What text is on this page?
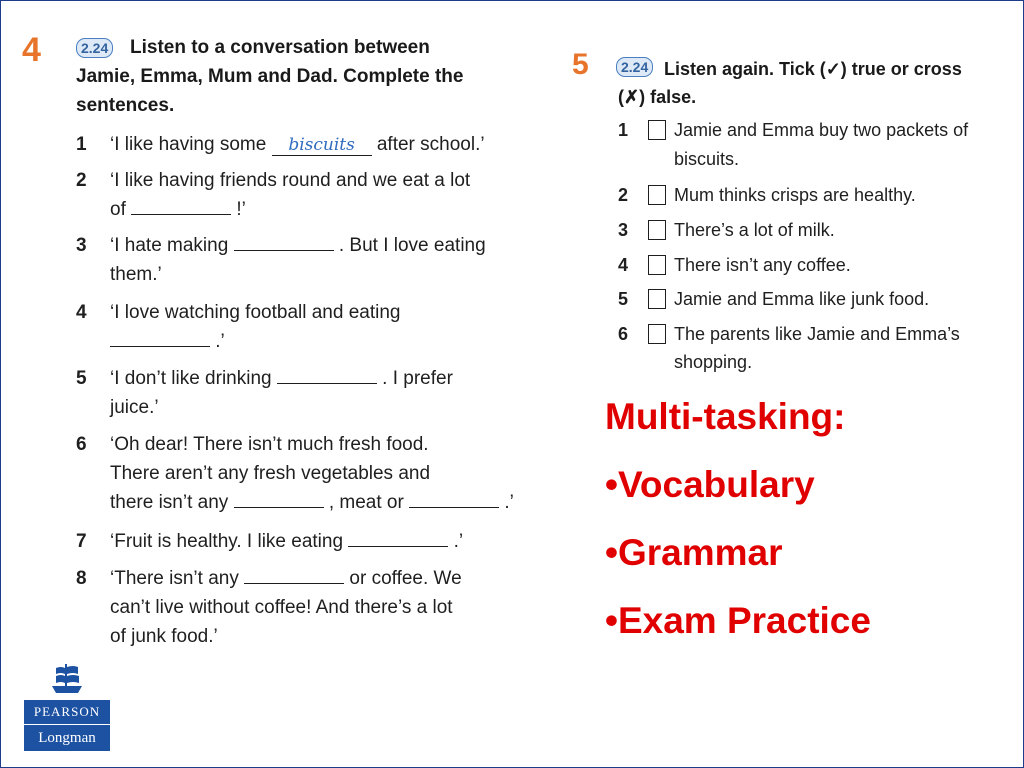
4	2.24 Listen to a conversation between
Jamie, Emma, Mum and Dad. Complete the
sentences.
1 ‘I like having some biscuits after school.’
2 ‘I like having friends round and we eat a lot
of	!’
3 ‘I hate making	. But I love eating
them.’
4 ‘I love watching football and eating
.’
5 ‘I don’t like drinking	. I prefer
juice.’
6 ‘Oh dear! There isn’t much fresh food.
There aren’t any fresh vegetables and
there isn’t any	, meat or	.’
7 ‘Fruit is healthy. I like eating	.’
8 ‘There isn’t any	or coffee. We
can’t live without coffee! And there’s a lot
of junk food.’
5	2.24 Listen again. Tick (✓) true or cross
(✗) false.
1	Jamie and Emma buy two packets of
biscuits.
2	Mum thinks crisps are healthy.
3	There’s a lot of milk.
4	There isn’t any coffee.
5	Jamie and Emma like junk food.
6	The parents like Jamie and Emma’s
shopping.
Multi-tasking:
•Vocabulary
•Grammar
•Exam Practice
PEARSON
Longman
